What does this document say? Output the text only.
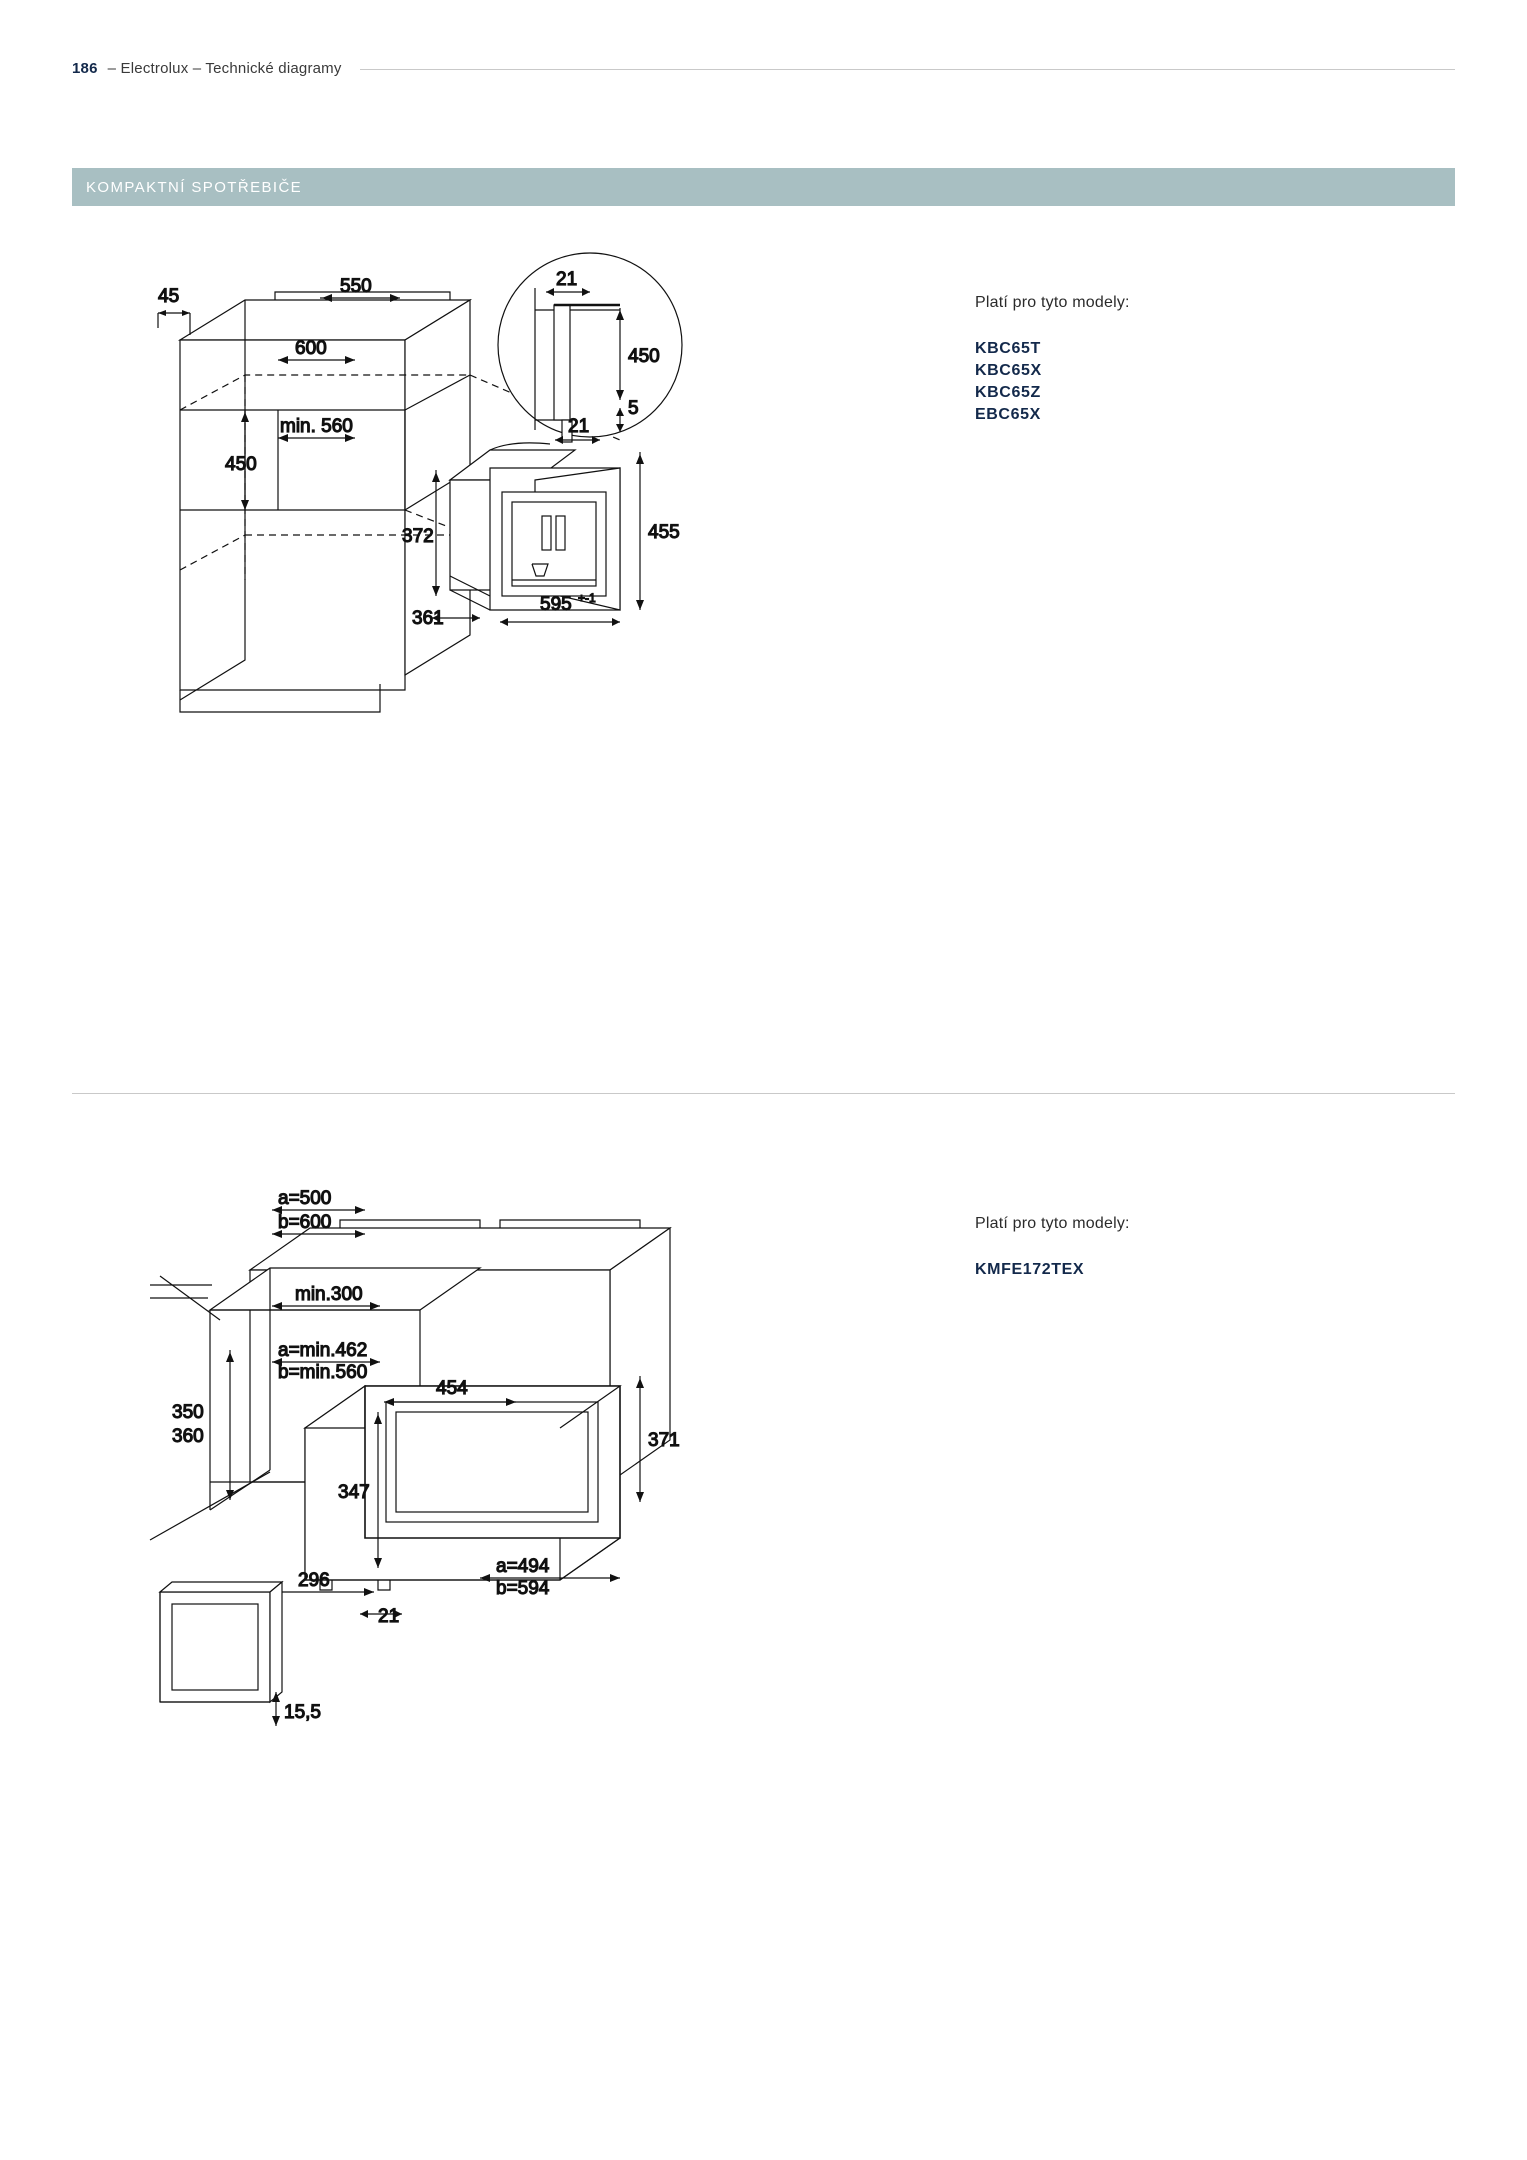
186 – Electrolux – Technické diagramy
KOMPAKTNÍ SPOTŘEBIČE
45	550
600
min. 560
450
21
450
5
21
455
372
361
595 +-1
Platí pro tyto modely:
KBC65T
KBC65X
KBC65Z
EBC65X
a=500
b=600
min.300
a=min.462
b=min.560
350
360
454
371
347
296
21
a=494
b=594
15,5
Platí pro tyto modely:
KMFE172TEX
